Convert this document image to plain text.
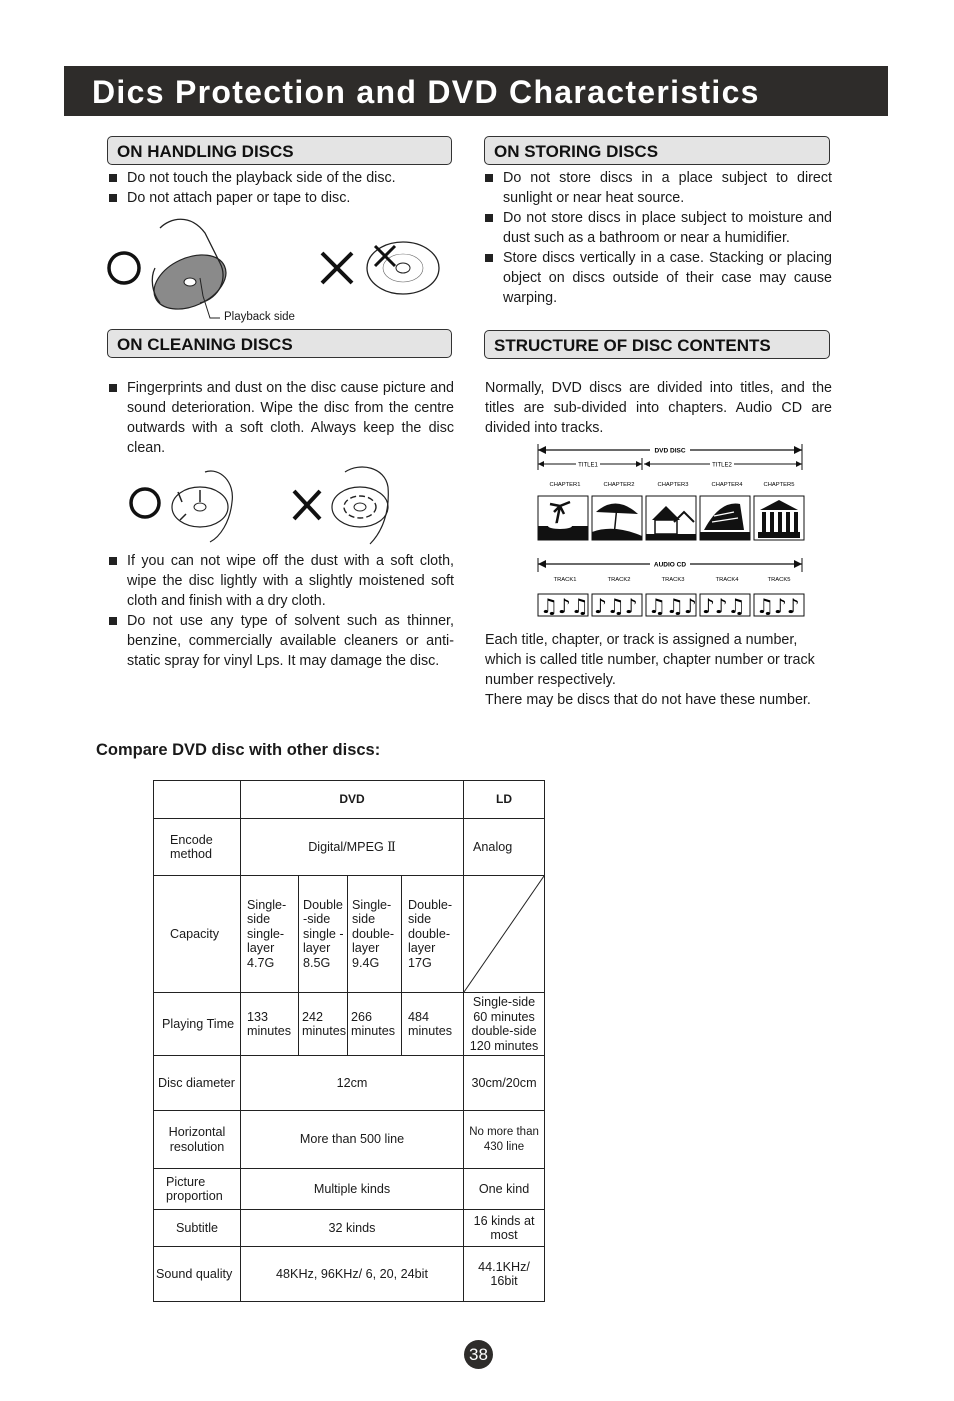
Dics Protection and DVD Characteristics
ON HANDLING DISCS
Do not touch the playback side of the disc.
Do not attach paper or tape to disc.
Playback side
ON STORING DISCS
Do not store discs in a place subject to direct sunlight or near heat source.
Do not store discs in place subject to moisture and dust such as a bathroom or near a humidifier.
Store discs vertically in a case. Stacking or placing object on discs outside of their case may cause warping.
ON CLEANING DISCS
Fingerprints and dust on the disc cause picture and sound deterioration. Wipe the disc from the centre outwards with a soft cloth. Always keep the disc clean.
If you can not wipe off the dust with a soft cloth, wipe the disc lightly with a slightly moistened soft cloth and finish with a dry cloth.
Do not use any type of solvent such as thinner, benzine, commercially available cleaners or anti-static spray for vinyl Lps. It may damage the disc.
STRUCTURE OF DISC CONTENTS

Normally, DVD discs are divided into titles, and the titles are sub-divided into chapters. Audio CD are divided into tracks.

DVD DISC
TITLE1	TITLE2
CHAPTER1	CHAPTER2	CHAPTER3	CHAPTER4	CHAPTER5
AUDIO CD
TRACK1	TRACK2	TRACK3	TRACK4	TRACK5
♫♪♫ ♪♫♪ ♫♫♪ ♪♪♫ ♫♪♪

Each title, chapter, or track is assigned a number, which is called title number, chapter number or track number respectively.

There may be discs that do not have these number.

Compare DVD disc with other discs:

	DVD				LD
Encode method	Digital/MPEG Ⅱ				Analog
Capacity	Single-side single-layer 4.7G	Double -side single -layer 8.5G	Single-side double-layer 9.4G	Double-side double-layer 17G	

Playing Time	133 minutes	242 minutes	266 minutes	484 minutes	Single-side 60 minutes double-side 120 minutes
Disc diameter	12cm				30cm/20cm
Horizontal resolution	More than 500 line				No more than 430 line
Picture proportion	Multiple kinds				One kind
Subtitle	32 kinds				16 kinds at most
Sound quality	48KHz, 96KHz/ 6, 20, 24bit				44.1KHz/ 16bit
38
